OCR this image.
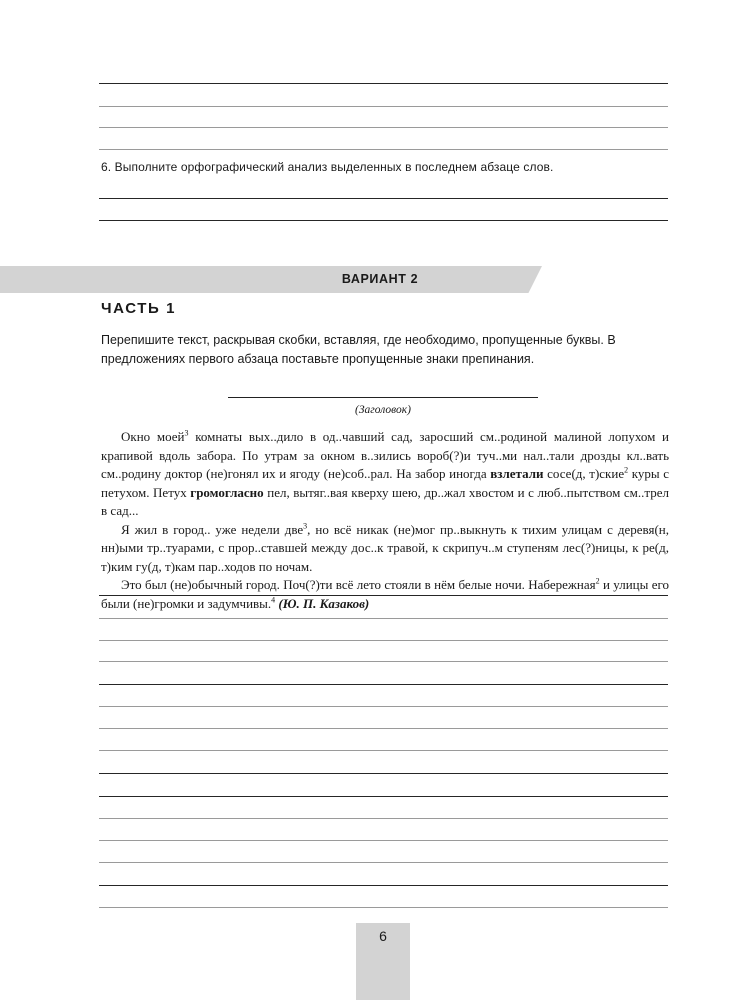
6. Выполните орфографический анализ выделенных в последнем абзаце слов.
ВАРИАНТ 2
ЧАСТЬ 1
Перепишите текст, раскрывая скобки, вставляя, где необходимо, пропущенные буквы. В предложениях первого абзаца поставьте пропущенные знаки препинания.
(Заголовок)

Окно моей$^3$ комнаты вых..дило в од..чавший сад, заросший см..родиной малиной лопухом и крапивой вдоль забора. По утрам за окном в..зились вороб(?)и туч..ми нал..тали дрозды кл..вать см..родину доктор (не)гонял их и ягоду (не)соб..рал. На забор иногда взлетали сосе(д, т)ские$^2$ куры с петухом. Петух громогласно пел, вытяг..вая кверху шею, др..жал хвостом и с люб..пытством см..трел в сад...

Я жил в город.. уже недели две$^3$, но всё никак (не)мог пр..выкнуть к тихим улицам с деревя(н, нн)ыми тр..туарами, с прор..ставшей между дос..к травой, к скрипуч..м ступеням лес(?)ницы, к ре(д, т)ким гу(д, т)кам пар..ходов по ночам.

Это был (не)обычный город. Поч(?)ти всё лето стояли в нём белые ночи. Набережная$^2$ и улицы его были (не)громки и задумчивы.$^4$ (Ю. П. Казаков)

6
